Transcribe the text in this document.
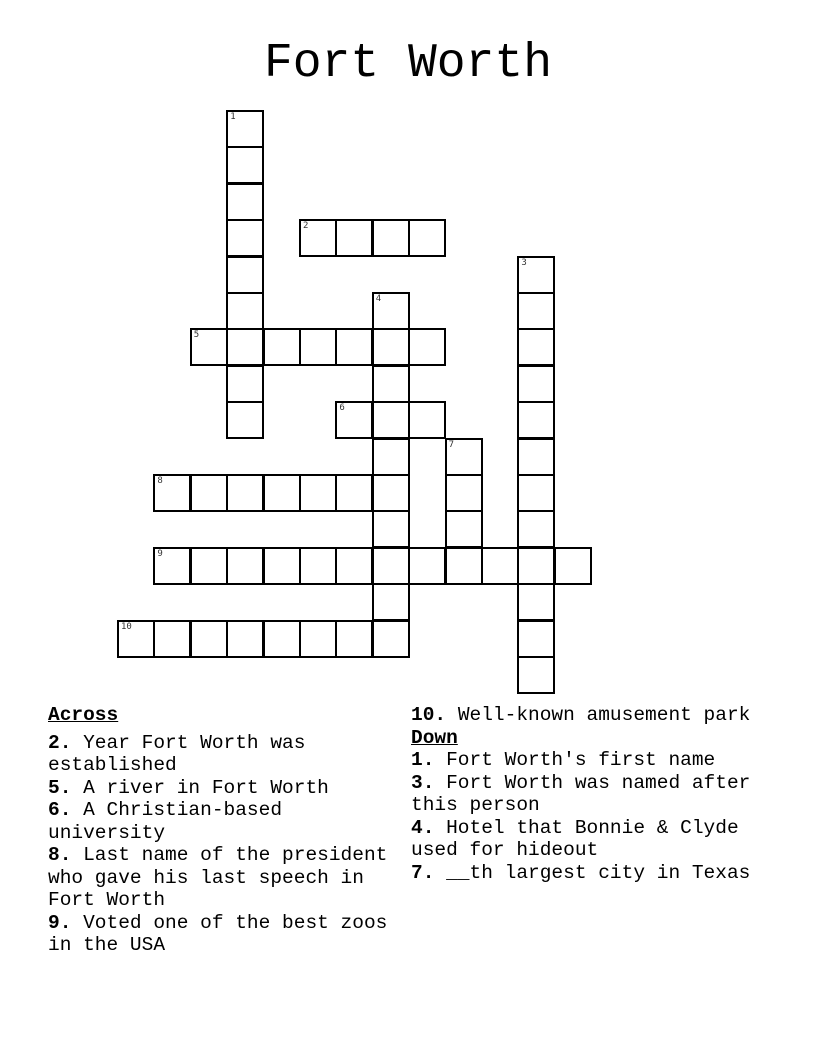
Fort Worth
1
2
3
4
5
6
7
8
9
10
Across
2. Year Fort Worth was established
5. A river in Fort Worth
6. A Christian-based university
8. Last name of the president who gave his last speech in Fort Worth
9. Voted one of the best zoos in the USA
10. Well-known amusement park
Down
1. Fort Worth's first name
3. Fort Worth was named after this person
4. Hotel that Bonnie & Clyde used for hideout
7. __th largest city in Texas
